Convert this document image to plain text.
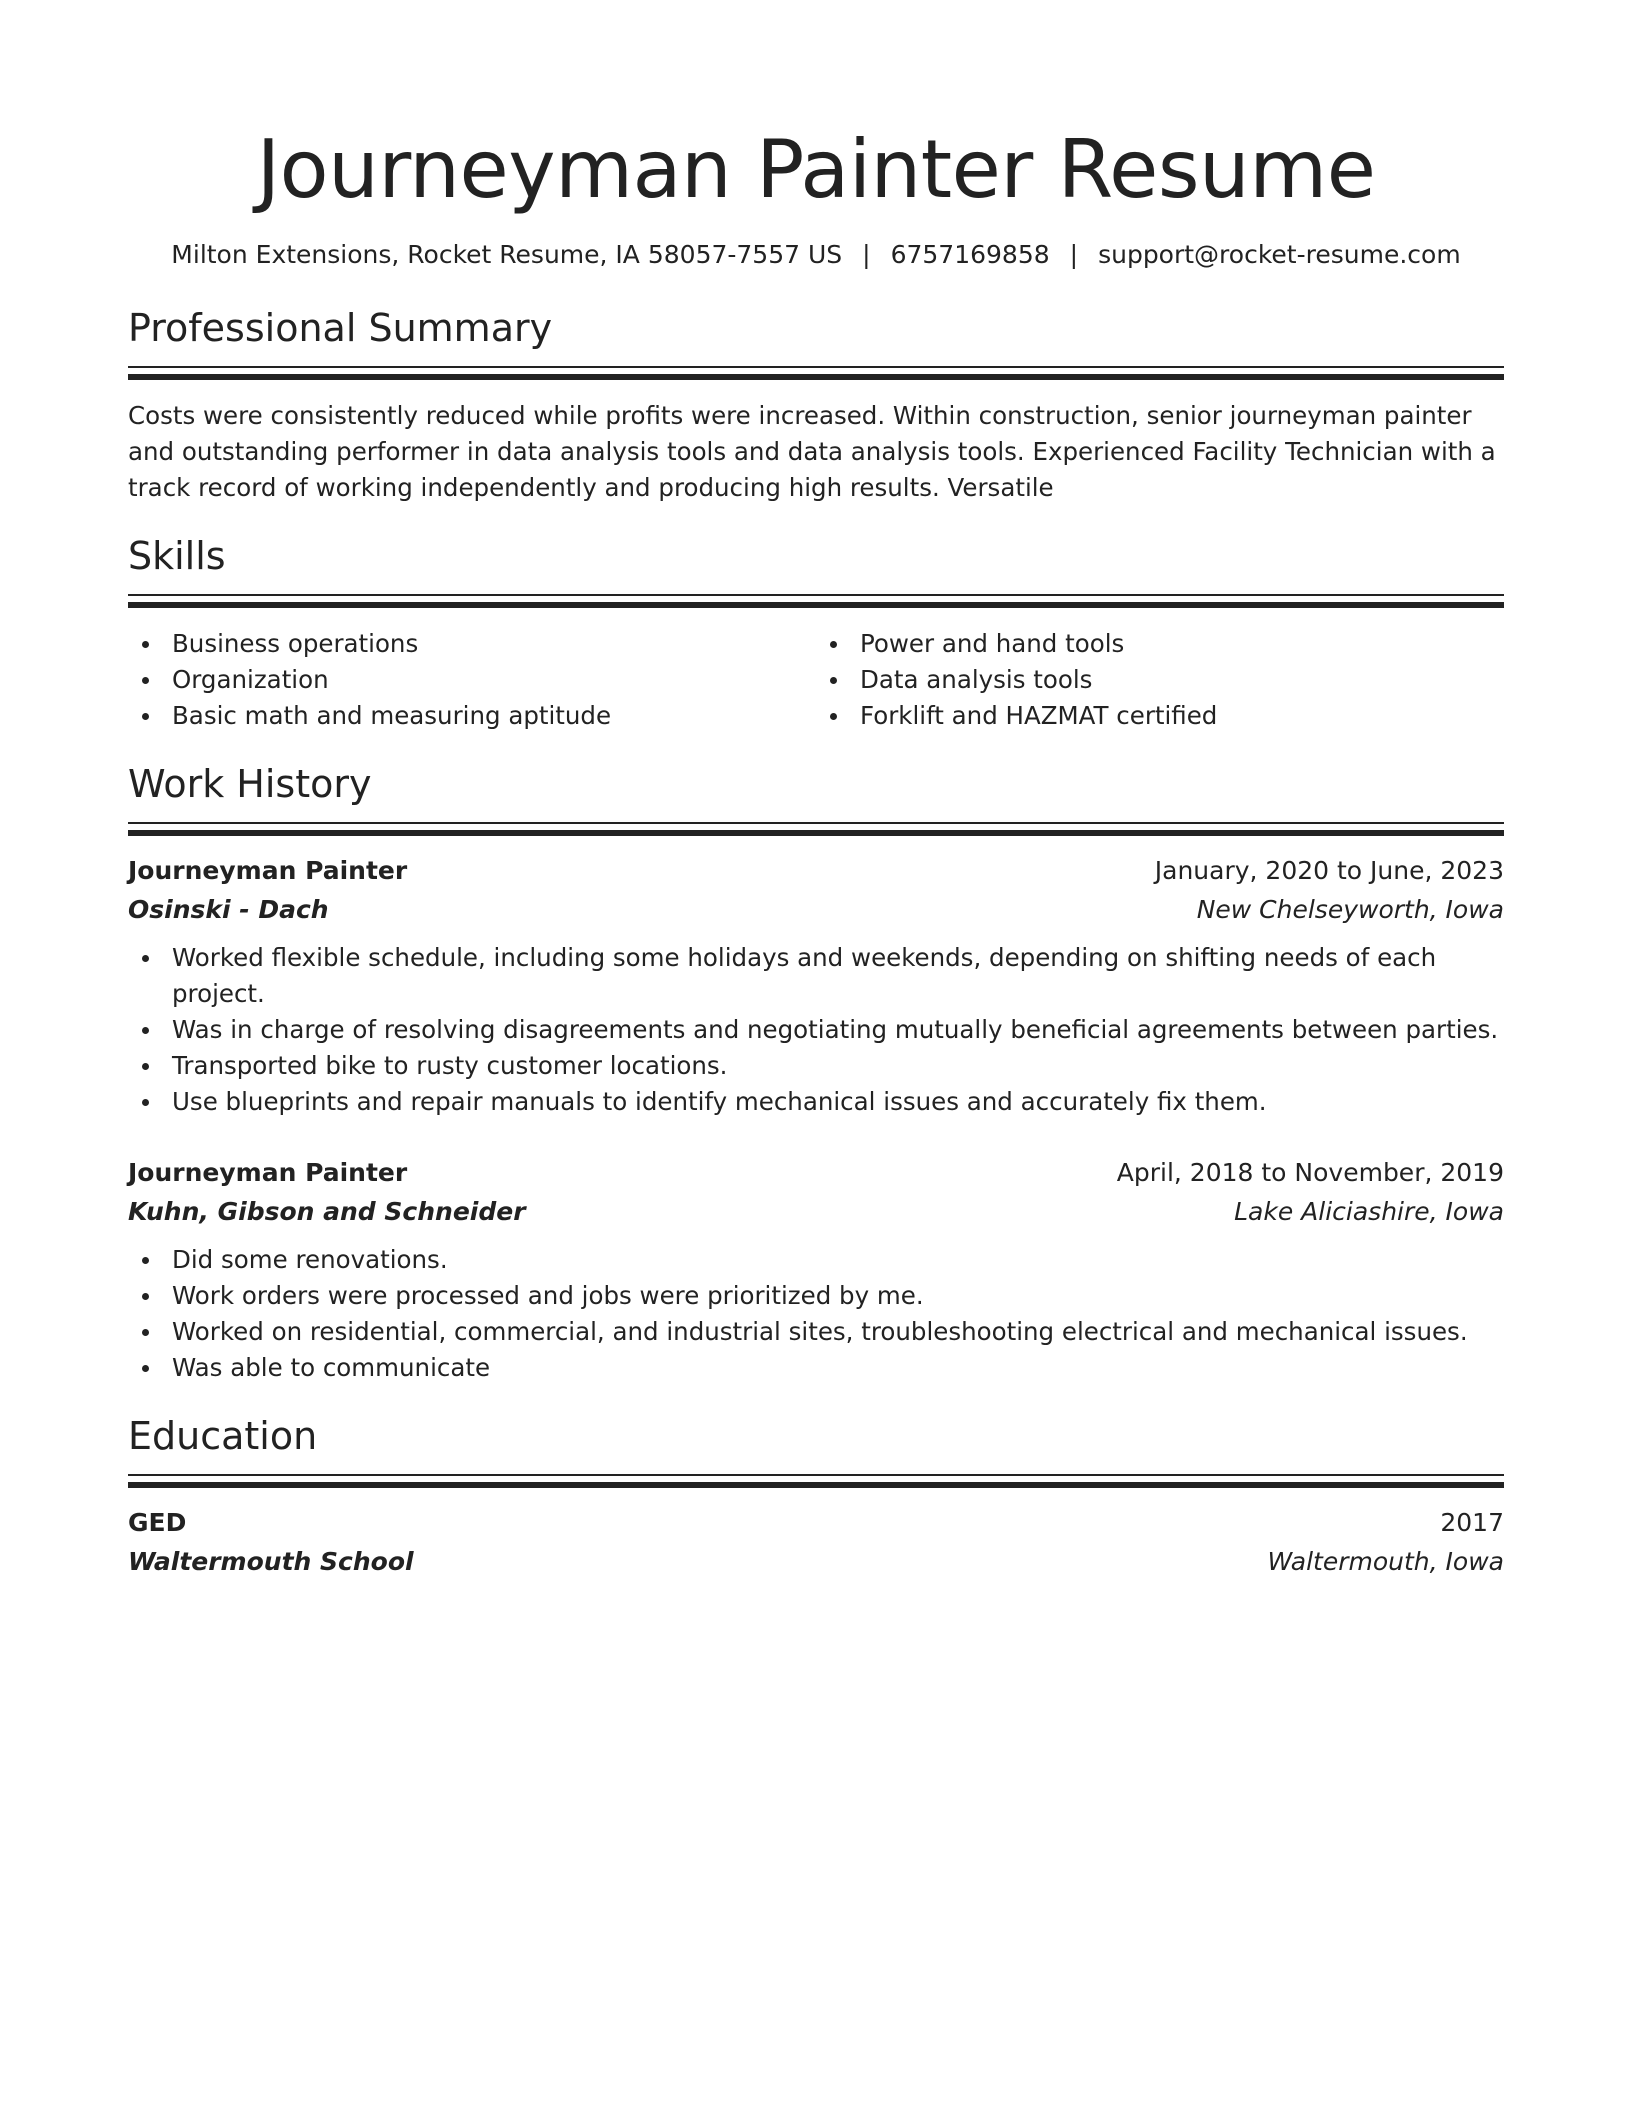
Journeyman Painter Resume
Milton Extensions, Rocket Resume, IA 58057-7557 US | 6757169858 | support@rocket-resume.com
Professional Summary

Costs were consistently reduced while profits were increased. Within construction, senior journeyman painter and outstanding performer in data analysis tools and data analysis tools. Experienced Facility Technician with a track record of working independently and producing high results. Versatile

Skills
Business operations
Organization
Basic math and measuring aptitude
Power and hand tools
Data analysis tools
Forklift and HAZMAT certified
Work History
Journeyman Painter	January, 2020 to June, 2023
Osinski - Dach	New Chelseyworth, Iowa
Worked flexible schedule, including some holidays and weekends, depending on shifting needs of each project.
Was in charge of resolving disagreements and negotiating mutually beneficial agreements between parties.
Transported bike to rusty customer locations.
Use blueprints and repair manuals to identify mechanical issues and accurately fix them.
Journeyman Painter	April, 2018 to November, 2019
Kuhn, Gibson and Schneider	Lake Aliciashire, Iowa
Did some renovations.
Work orders were processed and jobs were prioritized by me.
Worked on residential, commercial, and industrial sites, troubleshooting electrical and mechanical issues.
Was able to communicate
Education
GED	2017
Waltermouth School	Waltermouth, Iowa
